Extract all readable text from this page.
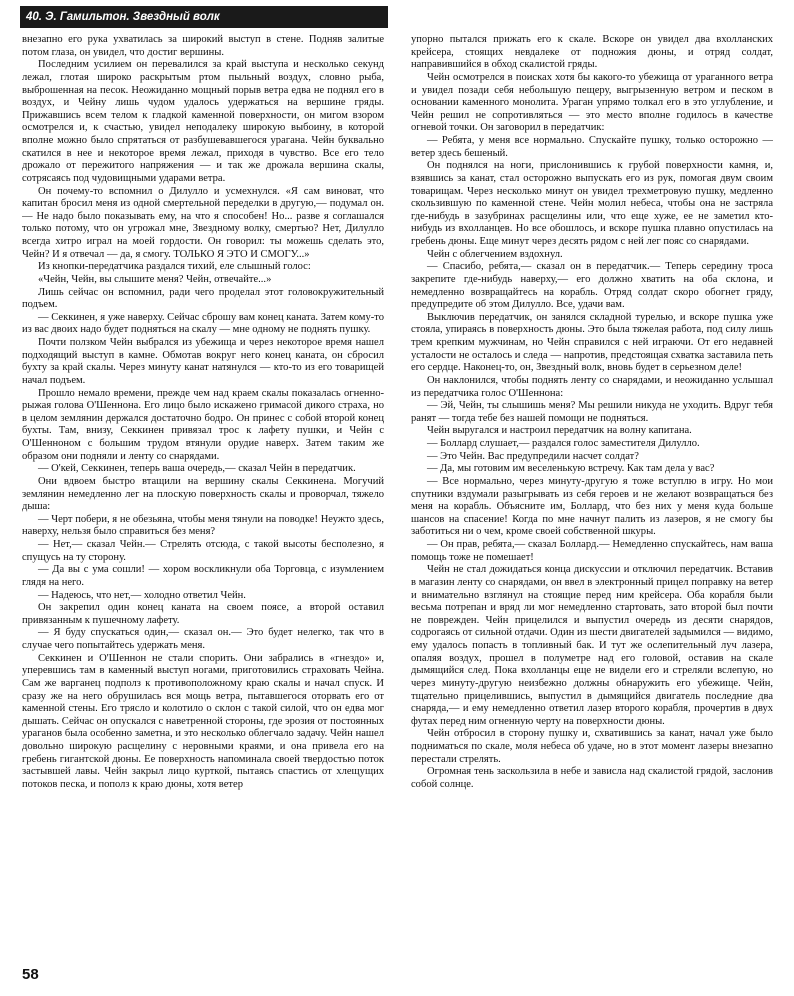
40. Э. Гамильтон. Звездный волк

внезапно его рука ухватилась за широкий выступ в стене. Подняв залитые потом глаза, он увидел, что достиг вершины.

Последним усилием он перевалился за край выступа и несколько секунд лежал, глотая широко раскрытым ртом пыльный воздух, словно рыба, выброшенная на песок. Неожиданно мощный порыв ветра едва не поднял его в воздух, и Чейну лишь чудом удалось удержаться на вершине гряды. Прижавшись всем телом к гладкой каменной поверхности, он мигом взором осмотрелся и, к счастью, увидел неподалеку широкую выбоину, в которой вполне можно было спрятаться от разбушевавшегося урагана. Чейн буквально скатился в нее и некоторое время лежал, приходя в чувство. Все его тело дрожало от пережитого напряжения — и так же дрожала вершина скалы, сотрясаясь под чудовищными ударами ветра.

Он почему-то вспомнил о Дилулло и усмехнулся. «Я сам виноват, что капитан бросил меня из одной смертельной переделки в другую,— подумал он.— Не надо было показывать ему, на что я способен! Но... разве я соглашался только потому, что он угрожал мне, Звездному волку, смертью? Нет, Дилулло всегда хитро играл на моей гордости. Он говорил: ты можешь сделать это, Чейн? И я отвечал — да, я смогу. ТОЛЬКО Я ЭТО И СМОГУ...»

Из кнопки-передатчика раздался тихий, еле слышный голос:

«Чейн, Чейн, вы слышите меня? Чейн, отвечайте...»

Лишь сейчас он вспомнил, ради чего проделал этот головокружительный подъем.

— Секкинен, я уже наверху. Сейчас сброшу вам конец каната. Затем кому-то из вас двоих надо будет подняться на скалу — мне одному не поднять пушку.

Почти ползком Чейн выбрался из убежища и через некоторое время нашел подходящий выступ в камне. Обмотав вокруг него конец каната, он сбросил бухту за край скалы. Через минуту канат натянулся — кто-то из его товарищей начал подъем.

Прошло немало времени, прежде чем над краем скалы показалась огненно-рыжая голова О'Шеннона. Его лицо было искажено гримасой дикого страха, но в целом землянин держался достаточно бодро. Он принес с собой второй конец бухты. Там, внизу, Секкинен привязал трос к лафету пушки, и Чейн с О'Шенноном с большим трудом втянули орудие наверх. Затем таким же образом они подняли и ленту со снарядами.

— О'кей, Секкинен, теперь ваша очередь,— сказал Чейн в передатчик.

Они вдвоем быстро втащили на вершину скалы Секкинена. Могучий землянин немедленно лег на плоскую поверхность скалы и проворчал, тяжело дыша:

— Черт побери, я не обезьяна, чтобы меня тянули на поводке! Неужто здесь, наверху, нельзя было справиться без меня?

— Нет,— сказал Чейн.— Стрелять отсюда, с такой высоты бесполезно, я спущусь на ту сторону.

— Да вы с ума сошли! — хором воскликнули оба Торговца, с изумлением глядя на него.

— Надеюсь, что нет,— холодно ответил Чейн.

Он закрепил один конец каната на своем поясе, а второй оставил привязанным к пушечному лафету.

— Я буду спускаться один,— сказал он.— Это будет нелегко, так что в случае чего попытайтесь удержать меня.

Секкинен и О'Шеннон не стали спорить. Они забрались в «гнездо» и, уперевшись там в каменный выступ ногами, приготовились страховать Чейна. Сам же варганец подполз к противоположному краю скалы и начал спуск. И сразу же на него обрушилась вся мощь ветра, пытавшегося оторвать его от каменной стены. Его трясло и колотило о склон с такой силой, что он едва мог дышать. Сейчас он опускался с наветренной стороны, где эрозия от постоянных ураганов была особенно заметна, и это несколько облегчало задачу. Чейн нашел довольно широкую расщелину с неровными краями, и она привела его на гребень гигантской дюны. Ее поверхность напоминала своей твердостью поток застывшей лавы. Чейн закрыл лицо курткой, пытаясь спастись от хлещущих потоков песка, и пополз к краю дюны, хотя ветер

упорно пытался прижать его к скале. Вскоре он увидел два вхолланских крейсера, стоящих невдалеке от подножия дюны, и отряд солдат, направившийся в обход скалистой гряды.

Чейн осмотрелся в поисках хотя бы какого-то убежища от ураганного ветра и увидел позади себя небольшую пещеру, выгрызенную ветром и песком в основании каменного монолита. Ураган упрямо толкал его в это углубление, и Чейн решил не сопротивляться — это место вполне годилось в качестве огневой точки. Он заговорил в передатчик:

— Ребята, у меня все нормально. Спускайте пушку, только осторожно — ветер здесь бешеный.

Он поднялся на ноги, прислонившись к грубой поверхности камня, и, взявшись за канат, стал осторожно выпускать его из рук, помогая двум своим товарищам. Через несколько минут он увидел трехметровую пушку, медленно скользившую по каменной стене. Чейн молил небеса, чтобы она не застряла где-нибудь в зазубринах расщелины или, что еще хуже, ее не заметил кто-нибудь из вхолланцев. Но все обошлось, и вскоре пушка плавно опустилась на гребень дюны. Еще минут через десять рядом с ней лег пояс со снарядами.

Чейн с облегчением вздохнул.

— Спасибо, ребята,— сказал он в передатчик.— Теперь середину троса закрепите где-нибудь наверху,— его должно хватить на оба склона, и немедленно возвращайтесь на корабль. Отряд солдат скоро обогнет гряду, предупредите об этом Дилулло. Все, удачи вам.

Выключив передатчик, он занялся складной турелью, и вскоре пушка уже стояла, упираясь в поверхность дюны. Это была тяжелая работа, под силу лишь трем крепким мужчинам, но Чейн справился с ней играючи. От его недавней усталости не осталось и следа — напротив, предстоящая схватка заставила петь его сердце. Наконец-то, он, Звездный волк, вновь будет в серьезном деле!

Он наклонился, чтобы поднять ленту со снарядами, и неожиданно услышал из передатчика голос О'Шеннона:

— Эй, Чейн, ты слышишь меня? Мы решили никуда не уходить. Вдруг тебя ранят — тогда тебе без нашей помощи не подняться.

Чейн выругался и настроил передатчик на волну капитана.

— Боллард слушает,— раздался голос заместителя Дилулло.

— Это Чейн. Вас предупредили насчет солдат?

— Да, мы готовим им веселенькую встречу. Как там дела у вас?

— Все нормально, через минуту-другую я тоже вступлю в игру. Но мои спутники вздумали разыгрывать из себя героев и не желают возвращаться без меня на корабль. Объясните им, Боллард, что без них у меня куда больше шансов на спасение! Когда по мне начнут палить из лазеров, я не смогу бы заботиться ни о чем, кроме своей собственной шкуры.

— Он прав, ребята,— сказал Боллард.— Немедленно спускайтесь, нам ваша помощь тоже не помешает!

Чейн не стал дожидаться конца дискуссии и отключил передатчик. Вставив в магазин ленту со снарядами, он ввел в электронный прицел поправку на ветер и внимательно взглянул на стоящие перед ним крейсера. Оба корабля были весьма потрепан и вряд ли мог немедленно стартовать, зато второй был почти не поврежден. Чейн прицелился и выпустил очередь из десяти снарядов, содрогаясь от сильной отдачи. Один из шести двигателей задымился — видимо, ему удалось попасть в топливный бак. И тут же ослепительный луч лазера, опаляя воздух, прошел в полуметре над его головой, оставив на скале дымящийся след. Пока вхолланцы еще не видели его и стреляли вслепую, но через минуту-другую неизбежно должны обнаружить его убежище. Чейн, тщательно прицелившись, выпустил в дымящийся двигатель последние два снаряда,— и ему немедленно ответил лазер второго корабля, прочертив в двух футах перед ним огненную черту на поверхности дюны.

Чейн отбросил в сторону пушку и, схватившись за канат, начал уже было подниматься по скале, моля небеса об удаче, но в этот момент лазеры внезапно перестали стрелять.

Огромная тень заскользила в небе и зависла над скалистой грядой, заслонив собой солнце.

58
